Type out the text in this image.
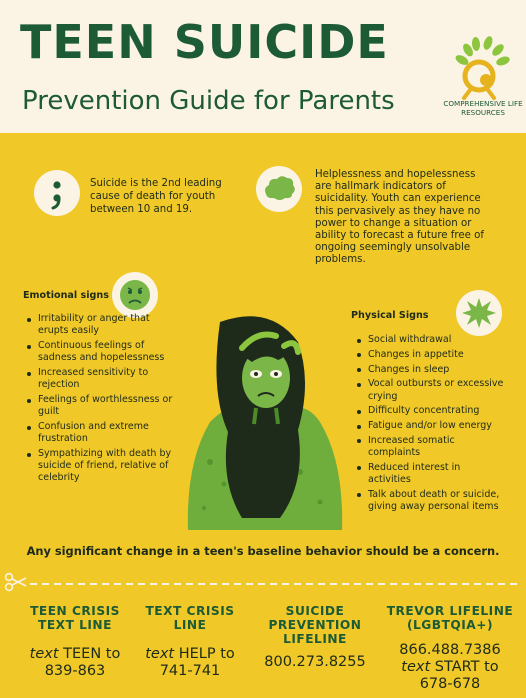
TEEN SUICIDE
Prevention Guide for Parents	COMPREHENSIVE LIFE RESOURCES
Suicide is the 2nd leading cause of death for youth between 10 and 19.
Helplessness and hopelessness are hallmark indicators of suicidality. Youth can experience this pervasively as they have no power to change a situation or ability to forecast a future free of ongoing seemingly unsolvable problems.
Emotional signs
Irritability or anger that erupts easily
Continuous feelings of sadness and hopelessness
Increased sensitivity to rejection
Feelings of worthlessness or guilt
Confusion and extreme frustration
Sympathizing with death by suicide of friend, relative of celebrity
Physical Signs
Social withdrawal
Changes in appetite
Changes in sleep
Vocal outbursts or excessive crying
Difficulty concentrating
Fatigue and/or low energy
Increased somatic complaints
Reduced interest in activities
Talk about death or suicide, giving away personal items
Any significant change in a teen's baseline behavior should be a concern.
TEEN CRISIS TEXT LINE
text TEEN to 839-863
TEXT CRISIS LINE
text HELP to 741-741
SUICIDE PREVENTION LIFELINE
800.273.8255
TREVOR LIFELINE (LGBTQIA+)
866.488.7386
text START to 678-678
